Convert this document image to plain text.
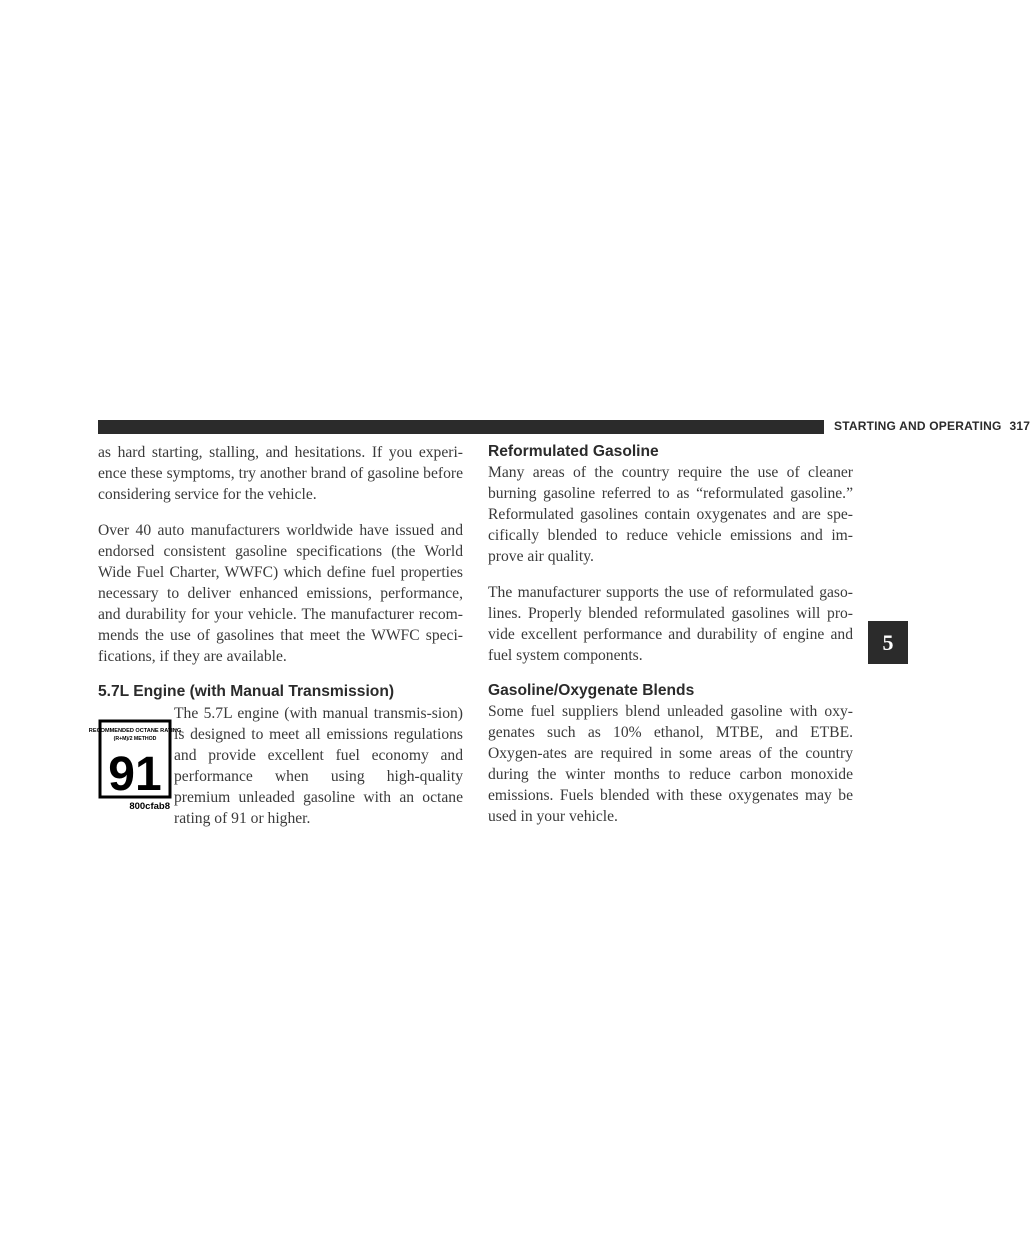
STARTING AND OPERATING 317

as hard starting, stalling, and hesitations. If you experi-ence these symptoms, try another brand of gasoline before considering service for the vehicle.

Over 40 auto manufacturers worldwide have issued and endorsed consistent gasoline specifications (the World Wide Fuel Charter, WWFC) which define fuel properties necessary to deliver enhanced emissions, performance, and durability for your vehicle. The manufacturer recom-mends the use of gasolines that meet the WWFC speci-fications, if they are available.

5.7L Engine (with Manual Transmission)
RECOMMENDED OCTANE RATING
(R+M)/2 METHOD
91
800cfab8

The 5.7L engine (with manual transmis-sion) is designed to meet all emissions regulations and provide excellent fuel economy and performance when using high-quality premium unleaded gasoline with an octane rating of 91 or higher.

Reformulated Gasoline

Many areas of the country require the use of cleaner burning gasoline referred to as “reformulated gasoline.” Reformulated gasolines contain oxygenates and are spe-cifically blended to reduce vehicle emissions and im-prove air quality.

The manufacturer supports the use of reformulated gaso-lines. Properly blended reformulated gasolines will pro-vide excellent performance and durability of engine and fuel system components.

Gasoline/Oxygenate Blends

Some fuel suppliers blend unleaded gasoline with oxy-genates such as 10% ethanol, MTBE, and ETBE. Oxygen-ates are required in some areas of the country during the winter months to reduce carbon monoxide emissions. Fuels blended with these oxygenates may be used in your vehicle.

5
